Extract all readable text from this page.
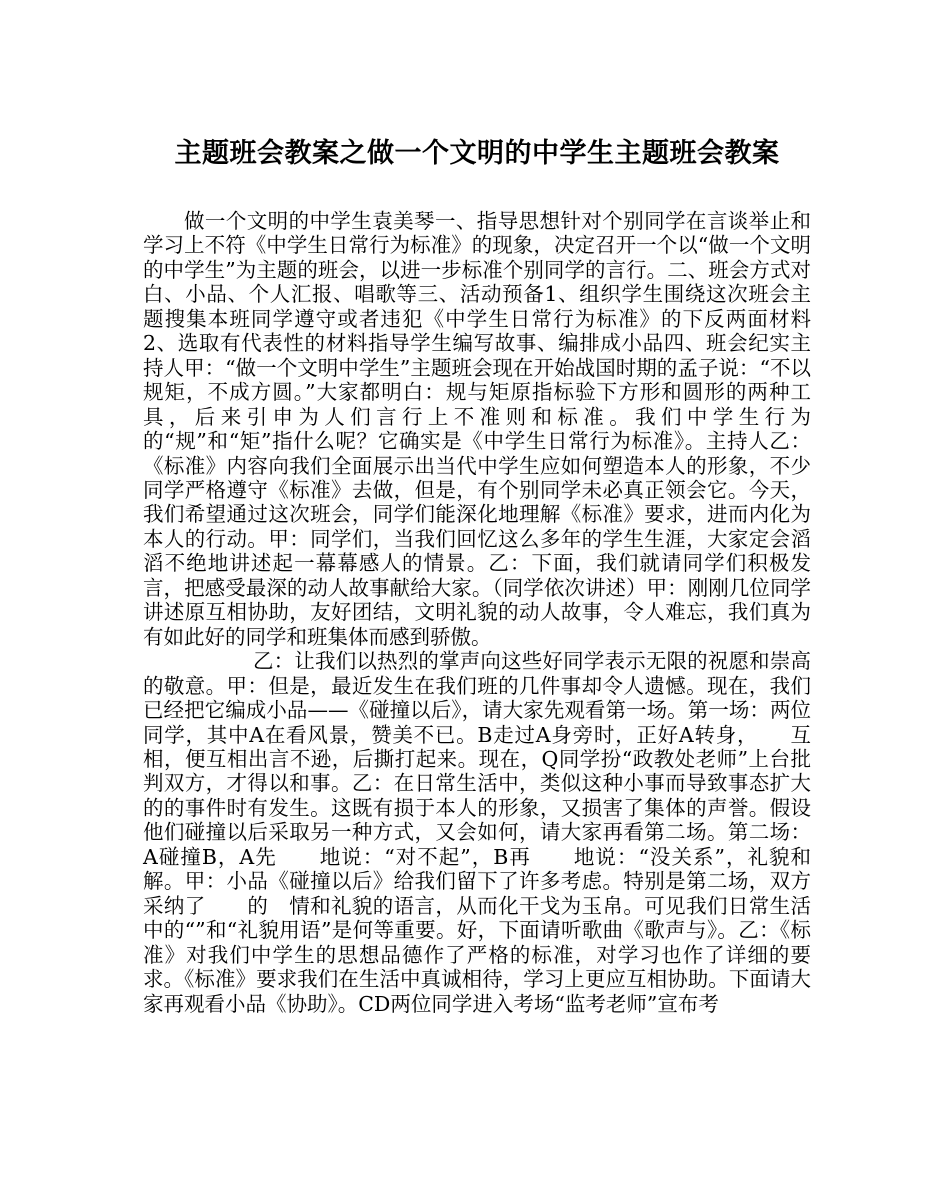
主题班会教案之做一个文明的中学生主题班会教案

做一个文明的中学生袁美琴一、指导思想针对个别同学在言谈举止和学习上不符《中学生日常行为标准》的现象，决定召开一个以“做一个文明的中学生”为主题的班会，以进一步标准个别同学的言行。二、班会方式对白、小品、个人汇报、唱歌等三、活动预备1、组织学生围绕这次班会主题搜集本班同学遵守或者违犯《中学生日常行为标准》的下反两面材料2、选取有代表性的材料指导学生编写故事、编排成小品四、班会纪实主持人甲：“做一个文明中学生”主题班会现在开始战国时期的孟子说：“不以规矩，不成方圆。”大家都明白：规与矩原指标验下方形和圆形的两种工具，后来引申为人们言行上不准则和标准。我们中学生行为的“规”和“矩”指什么呢？它确实是《中学生日常行为标准》。主持人乙：《标准》内容向我们全面展示出当代中学生应如何塑造本人的形象，不少同学严格遵守《标准》去做，但是，有个别同学未必真正领会它。今天，我们希望通过这次班会，同学们能深化地理解《标准》要求，进而内化为本人的行动。甲：同学们，当我们回忆这么多年的学生生涯，大家定会滔滔不绝地讲述起一幕幕感人的情景。乙：下面，我们就请同学们积极发言，把感受最深的动人故事献给大家。（同学依次讲述）甲：刚刚几位同学讲述原互相协助，友好团结，文明礼貌的动人故事，令人难忘，我们真为有如此好的同学和班集体而感到骄傲。

乙：让我们以热烈的掌声向这些好同学表示无限的祝愿和崇高的敬意。甲：但是，最近发生在我们班的几件事却令人遗憾。现在，我们已经把它编成小品——《碰撞以后》，请大家先观看第一场。第一场：两位同学，其中A在看风景，赞美不已。B走过A身旁时，正好A转身，　　互相，便互相出言不逊，后撕打起来。现在，Q同学扮“政教处老师”上台批判双方，才得以和事。乙：在日常生活中，类似这种小事而导致事态扩大的的事件时有发生。这既有损于本人的形象，又损害了集体的声誉。假设他们碰撞以后采取另一种方式，又会如何，请大家再看第二场。第二场：A碰撞B，A先　　地说：“对不起”，B再　　地说：“没关系”，礼貌和解。甲：小品《碰撞以后》给我们留下了许多考虑。特别是第二场，双方采纳了　　的　情和礼貌的语言，从而化干戈为玉帛。可见我们日常生活中的“”和“礼貌用语”是何等重要。好，下面请听歌曲《歌声与》。乙：《标准》对我们中学生的思想品德作了严格的标准，对学习也作了详细的要求。《标准》要求我们在生活中真诚相待，学习上更应互相协助。下面请大家再观看小品《协助》。CD两位同学进入考场“监考老师”宣布考
